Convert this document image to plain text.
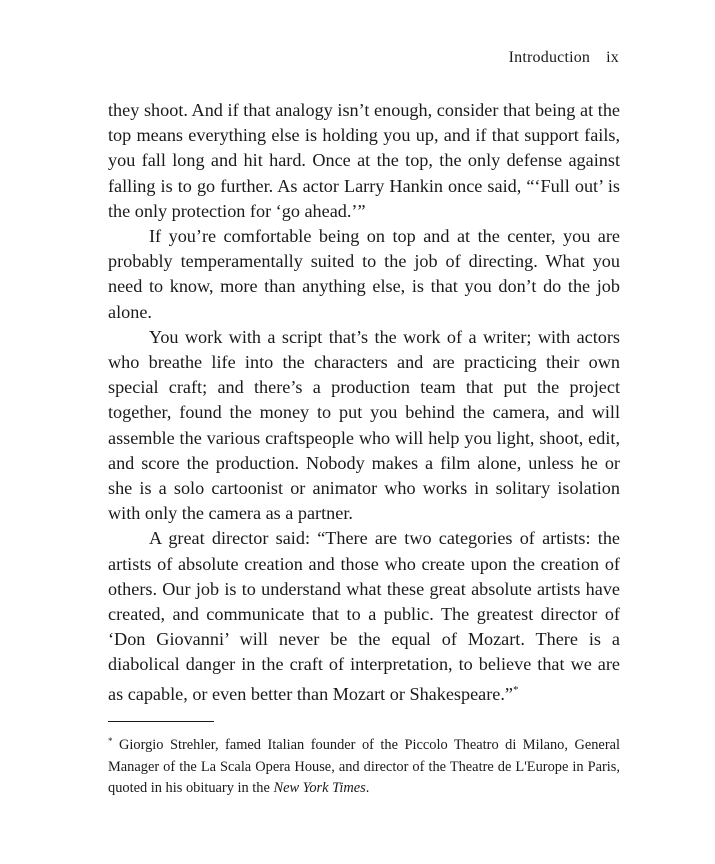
Introduction ix

they shoot. And if that analogy isn’t enough, consider that being at the top means everything else is holding you up, and if that support fails, you fall long and hit hard. Once at the top, the only defense against falling is to go further. As actor Larry Hankin once said, “‘Full out’ is the only protection for ‘go ahead.’”

If you’re comfortable being on top and at the center, you are probably temperamentally suited to the job of directing. What you need to know, more than anything else, is that you don’t do the job alone.

You work with a script that’s the work of a writer; with actors who breathe life into the characters and are practicing their own special craft; and there’s a production team that put the project together, found the money to put you behind the camera, and will assemble the various craftspeople who will help you light, shoot, edit, and score the production. Nobody makes a film alone, unless he or she is a solo cartoonist or animator who works in solitary isolation with only the camera as a partner.

A great director said: “There are two categories of artists: the artists of absolute creation and those who create upon the creation of others. Our job is to understand what these great absolute artists have created, and communicate that to a public. The greatest director of ‘Don Giovanni’ will never be the equal of Mozart. There is a diabolical danger in the craft of interpretation, to believe that we are as capable, or even better than Mozart or Shakespeare.”*

* Giorgio Strehler, famed Italian founder of the Piccolo Theatro di Milano, General Manager of the La Scala Opera House, and director of the Theatre de L'Europe in Paris, quoted in his obituary in the New York Times.
